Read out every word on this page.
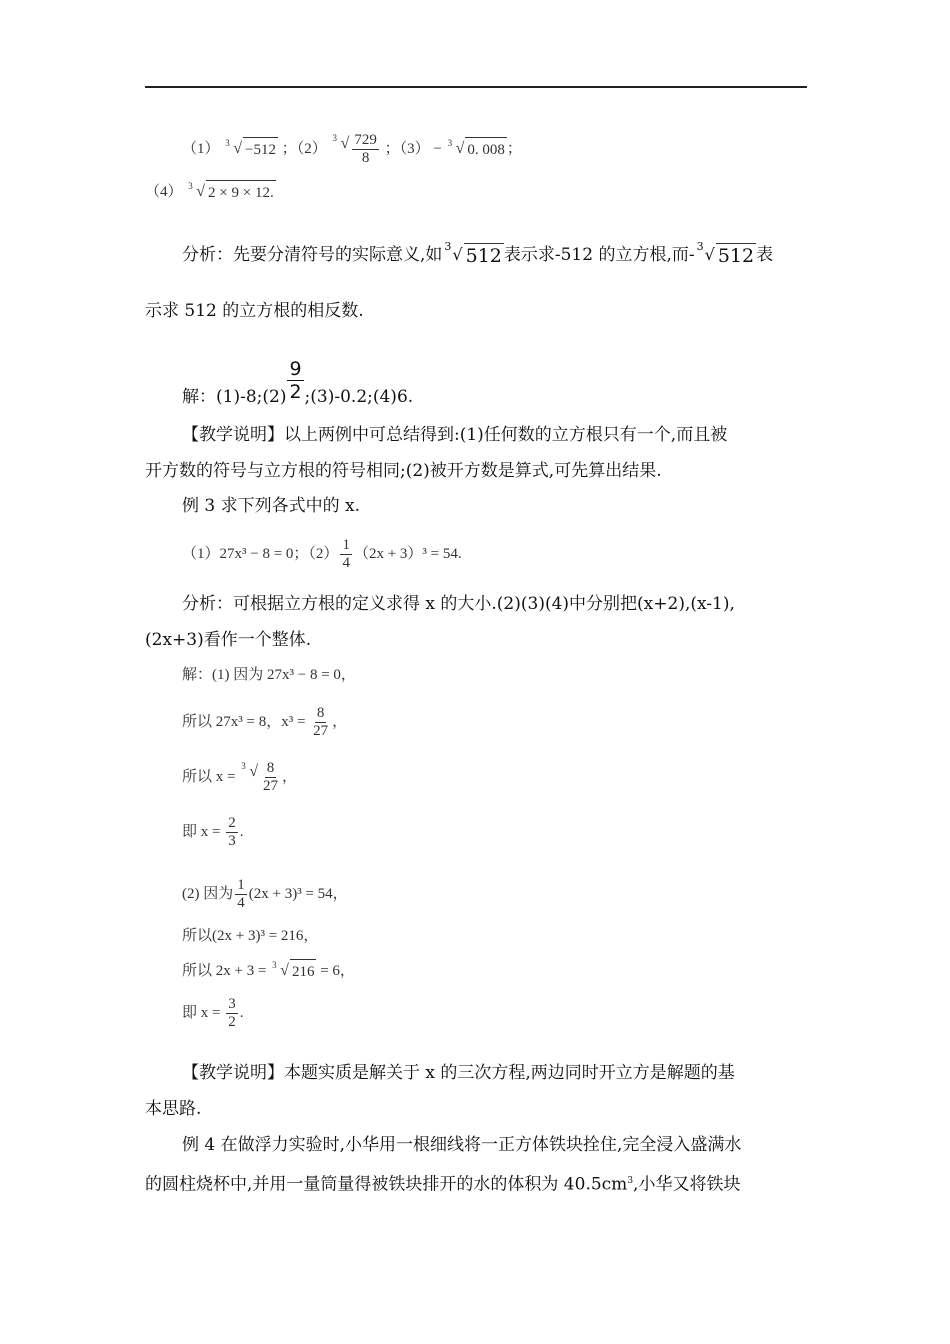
（1） 3 √ −512 ；（2）
3 √ $\frac{729}{8}$ ；（3） − 3 √ 0. 008 ；
（4） 3 √ 2 × 9 × 12.
分析：先要分清符号的实际意义,如 3 √ 512 表示求-512 的立方根,而- 3 √ 512 表
示求 512 的立方根的相反数.
解：(1)-8;(2) $\frac{9}{2}$ ;(3)-0.2;(4)6.
【教学说明】以上两例中可总结得到:(1)任何数的立方根只有一个,而且被
开方数的符号与立方根的符号相同;(2)被开方数是算式,可先算出结果.
例 3 求下列各式中的 x.
（1）27x³ − 8 = 0；$(2) \frac{1}{4} (2x + 3)^3 = 54$.
分析：可根据立方根的定义求得 x 的大小.(2)(3)(4)中分别把(x+2),(x-1),
(2x+3)看作一个整体.
解：(1) 因为 27x³ − 8 = 0，
所以 27x³ = 8，$x^3 = \frac{8}{27}$ ，
所以 x =
3 √ $\frac{8}{27}$ ，
即 $x = \frac{2}{3}$ .
(2) 因为 $\frac{1}{4} (2x + 3)^3 = 54$，
所以(2x + 3)³ = 216，
所以 2x + 3 = 3 √ 216 = 6，
即 $x = \frac{3}{2}$ .
【教学说明】本题实质是解关于 x 的三次方程,两边同时开立方是解题的基
本思路.
例 4 在做浮力实验时,小华用一根细线将一正方体铁块拴住,完全浸入盛满水
的圆柱烧杯中,并用一量筒量得被铁块排开的水的体积为 $40.5cm^3$,小华又将铁块
